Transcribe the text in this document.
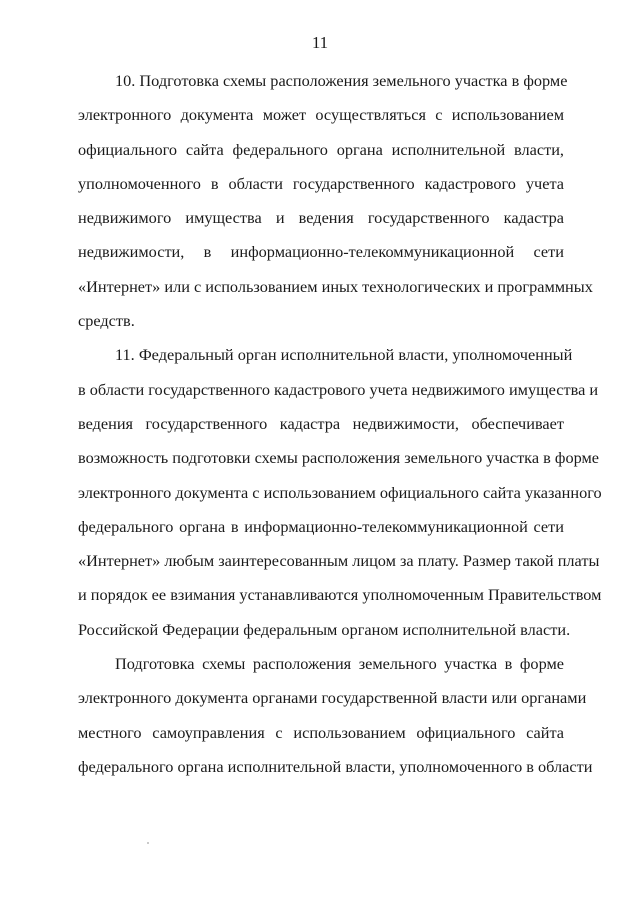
11
10. Подготовка схемы расположения земельного участка в форме
электронного документа может осуществляться с использованием
официального сайта федерального органа исполнительной власти,
уполномоченного в области государственного кадастрового учета
недвижимого имущества и ведения государственного кадастра
недвижимости, в информационно-телекоммуникационной сети
«Интернет» или с использованием иных технологических и программных
средств.
11. Федеральный орган исполнительной власти, уполномоченный
в области государственного кадастрового учета недвижимого имущества и
ведения государственного кадастра недвижимости, обеспечивает
возможность подготовки схемы расположения земельного участка в форме
электронного документа с использованием официального сайта указанного
федерального органа в информационно-телекоммуникационной сети
«Интернет» любым заинтересованным лицом за плату. Размер такой платы
и порядок ее взимания устанавливаются уполномоченным Правительством
Российской Федерации федеральным органом исполнительной власти.
Подготовка схемы расположения земельного участка в форме
электронного документа органами государственной власти или органами
местного самоуправления с использованием официального сайта
федерального органа исполнительной власти, уполномоченного в области
